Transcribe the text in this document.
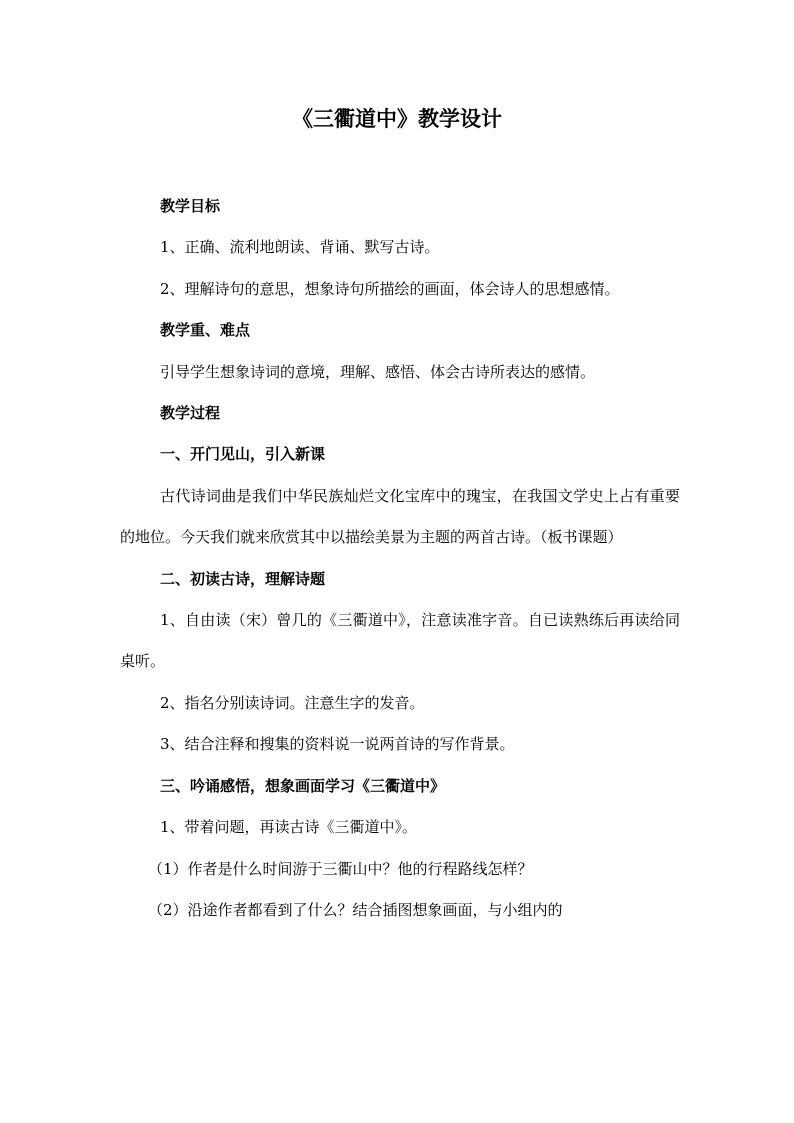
《三衢道中》教学设计

教学目标

1、正确、流利地朗读、背诵、默写古诗。

2、理解诗句的意思，想象诗句所描绘的画面，体会诗人的思想感情。

教学重、难点

引导学生想象诗词的意境，理解、感悟、体会古诗所表达的感情。

教学过程

一、开门见山，引入新课

古代诗词曲是我们中华民族灿烂文化宝库中的瑰宝，在我国文学史上占有重要的地位。今天我们就来欣赏其中以描绘美景为主题的两首古诗。（板书课题）

二、初读古诗，理解诗题

1、自由读（宋）曾几的《三衢道中》，注意读准字音。自已读熟练后再读给同桌听。

2、指名分别读诗词。注意生字的发音。

3、结合注释和搜集的资料说一说两首诗的写作背景。

三、吟诵感悟，想象画面学习《三衢道中》

1、带着问题，再读古诗《三衢道中》。

（1）作者是什么时间游于三衢山中？他的行程路线怎样？

（2）沿途作者都看到了什么？结合插图想象画面，与小组内的
